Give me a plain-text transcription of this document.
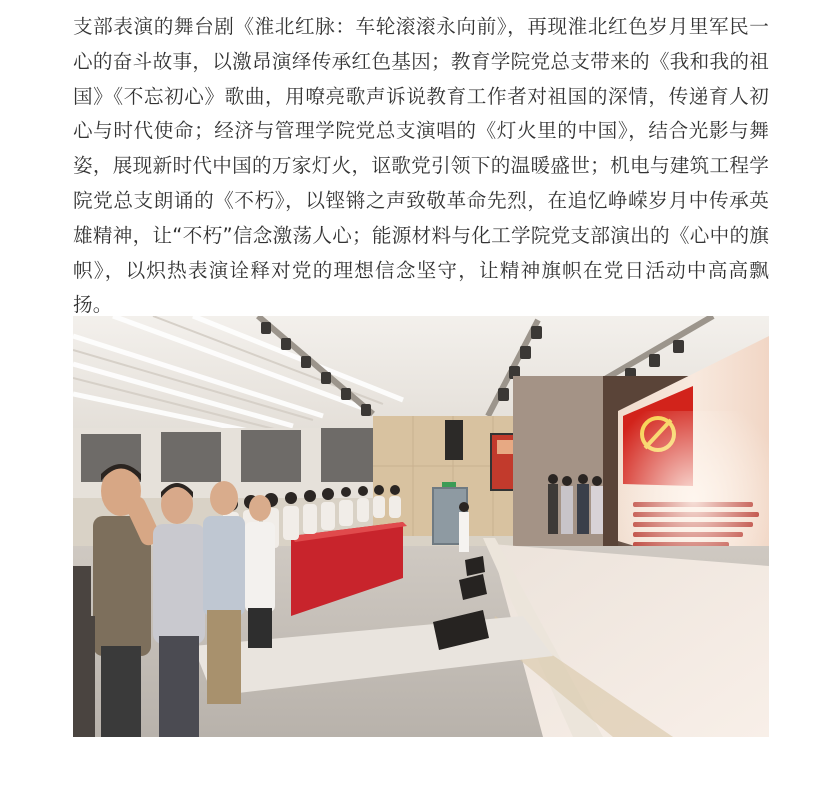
支部表演的舞台剧《淮北红脉：车轮滚滚永向前》，再现淮北红色岁月里军民一心的奋斗故事，以激昂演绎传承红色基因；教育学院党总支带来的《我和我的祖国》《不忘初心》歌曲，用嘹亮歌声诉说教育工作者对祖国的深情，传递育人初心与时代使命；经济与管理学院党总支演唱的《灯火里的中国》，结合光影与舞姿，展现新时代中国的万家灯火，讴歌党引领下的温暖盛世；机电与建筑工程学院党总支朗诵的《不朽》，以铿锵之声致敬革命先烈，在追忆峥嵘岁月中传承英雄精神，让“不朽”信念激荡人心；能源材料与化工学院党支部演出的《心中的旗帜》，以炽热表演诠释对党的理想信念坚守，让精神旗帜在党日活动中高高飘扬。
